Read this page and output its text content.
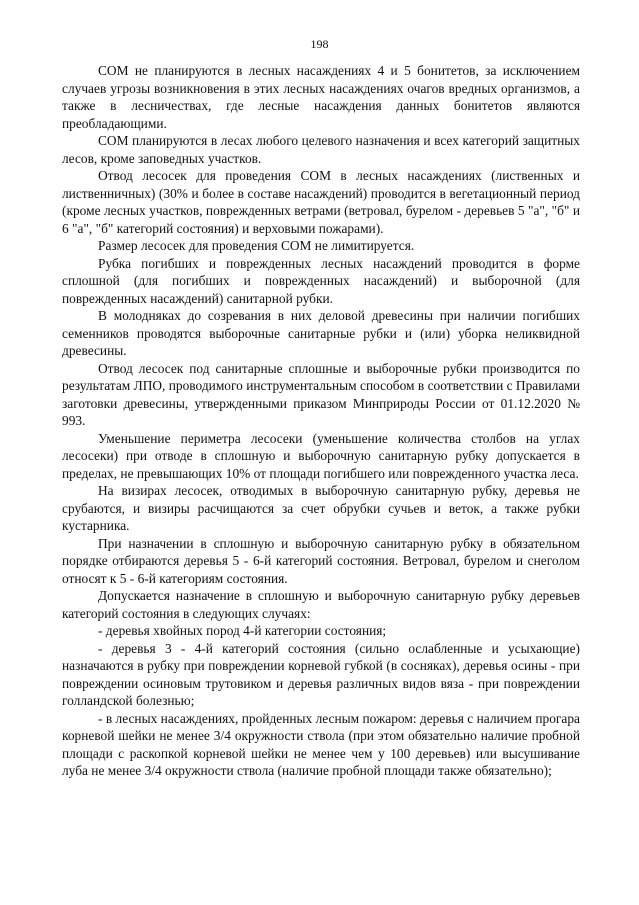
198

СОМ не планируются в лесных насаждениях 4 и 5 бонитетов, за исключением случаев угрозы возникновения в этих лесных насаждениях очагов вредных организмов, а также в лесничествах, где лесные насаждения данных бонитетов являются преобладающими.

СОМ планируются в лесах любого целевого назначения и всех категорий защитных лесов, кроме заповедных участков.

Отвод лесосек для проведения СОМ в лесных насаждениях (лиственных и лиственничных) (30% и более в составе насаждений) проводится в вегетационный период (кроме лесных участков, поврежденных ветрами (ветровал, бурелом - деревьев 5 "а", "б" и 6 "а", "б" категорий состояния) и верховыми пожарами).

Размер лесосек для проведения СОМ не лимитируется.

Рубка погибших и поврежденных лесных насаждений проводится в форме сплошной (для погибших и поврежденных насаждений) и выборочной (для поврежденных насаждений) санитарной рубки.

В молодняках до созревания в них деловой древесины при наличии погибших семенников проводятся выборочные санитарные рубки и (или) уборка неликвидной древесины.

Отвод лесосек под санитарные сплошные и выборочные рубки производится по результатам ЛПО, проводимого инструментальным способом в соответствии с Правилами заготовки древесины, утвержденными приказом Минприроды России от 01.12.2020 № 993.

Уменьшение периметра лесосеки (уменьшение количества столбов на углах лесосеки) при отводе в сплошную и выборочную санитарную рубку допускается в пределах, не превышающих 10% от площади погибшего или поврежденного участка леса.

На визирах лесосек, отводимых в выборочную санитарную рубку, деревья не срубаются, и визиры расчищаются за счет обрубки сучьев и веток, а также рубки кустарника.

При назначении в сплошную и выборочную санитарную рубку в обязательном порядке отбираются деревья 5 - 6-й категорий состояния. Ветровал, бурелом и снеголом относят к 5 - 6-й категориям состояния.

Допускается назначение в сплошную и выборочную санитарную рубку деревьев категорий состояния в следующих случаях:

- деревья хвойных пород 4-й категории состояния;

- деревья 3 - 4-й категорий состояния (сильно ослабленные и усыхающие) назначаются в рубку при повреждении корневой губкой (в сосняках), деревья осины - при повреждении осиновым трутовиком и деревья различных видов вяза - при повреждении голландской болезнью;

- в лесных насаждениях, пройденных лесным пожаром: деревья с наличием прогара корневой шейки не менее 3/4 окружности ствола (при этом обязательно наличие пробной площади с раскопкой корневой шейки не менее чем у 100 деревьев) или высушивание луба не менее 3/4 окружности ствола (наличие пробной площади также обязательно);
